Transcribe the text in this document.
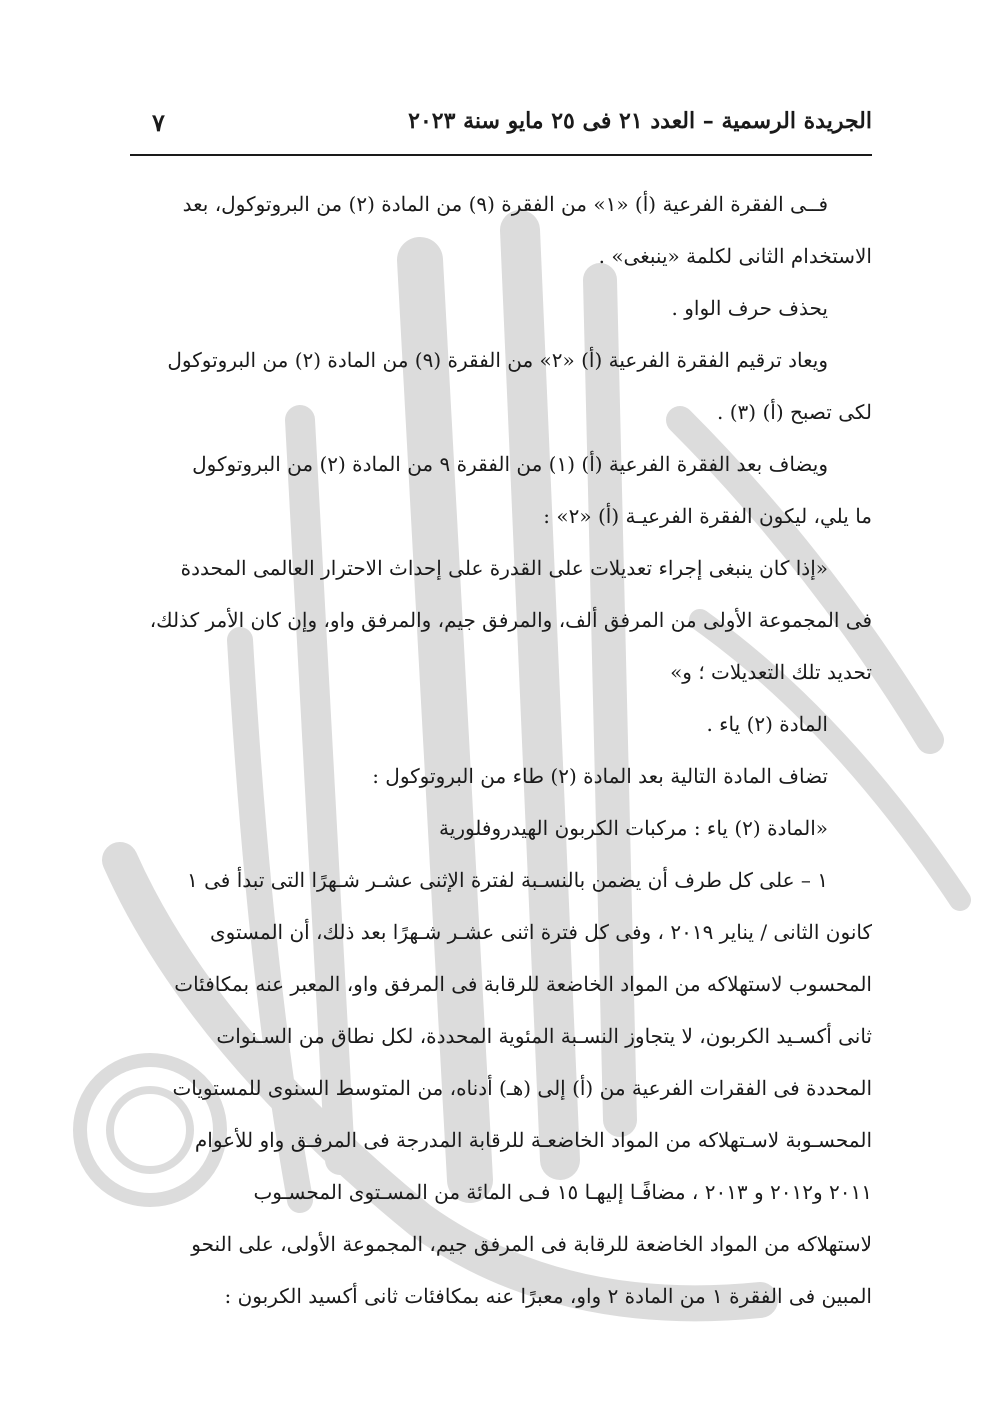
٧	الجريدة الرسمية – العدد ٢١ فى ٢٥ مايو سنة ٢٠٢٣
فــى الفقرة الفرعية (أ) «١» من الفقرة (٩) من المادة (٢) من البروتوكول، بعد
الاستخدام الثانى لكلمة «ينبغى» .
يحذف حرف الواو .
ويعاد ترقيم الفقرة الفرعية (أ) «٢» من الفقرة (٩) من المادة (٢) من البروتوكول
لكى تصبح (أ) (٣) .
ويضاف بعد الفقرة الفرعية (أ) (١) من الفقرة ٩ من المادة (٢) من البروتوكول
ما يلي، ليكون الفقرة الفرعيـة (أ) «٢» :
«إذا كان ينبغى إجراء تعديلات على القدرة على إحداث الاحترار العالمى المحددة
فى المجموعة الأولى من المرفق ألف، والمرفق جيم، والمرفق واو، وإن كان الأمر كذلك،
تحديد تلك التعديلات ؛ و»
المادة (٢) ياء .
تضاف المادة التالية بعد المادة (٢) طاء من البروتوكول :
«المادة (٢) ياء : مركبات الكربون الهيدروفلورية
١ – على كل طرف أن يضمن بالنسـبة لفترة الإثنى عشـر شـهرًا التى تبدأ فى ١
كانون الثانى / يناير ٢٠١٩ ، وفى كل فترة اثنى عشـر شـهرًا بعد ذلك، أن المستوى
المحسوب لاستهلاكه من المواد الخاضعة للرقابة فى المرفق واو، المعبر عنه بمكافئات
ثانى أكسـيد الكربون، لا يتجاوز النسـبة المئوية المحددة، لكل نطاق من السـنوات
المحددة فى الفقرات الفرعية من (أ) إلى (هـ) أدناه، من المتوسط السنوى للمستويات
المحسـوبة لاسـتهلاكه من المواد الخاضعـة للرقابة المدرجة فى المرفـق واو للأعوام
٢٠١١ و٢٠١٢ و ٢٠١٣ ، مضافًـا إليهـا ١٥ فـى المائة من المسـتوى المحسـوب
لاستهلاكه من المواد الخاضعة للرقابة فى المرفق جيم، المجموعة الأولى، على النحو
المبين فى الفقرة ١ من المادة ٢ واو، معبرًا عنه بمكافئات ثانى أكسيد الكربون :
